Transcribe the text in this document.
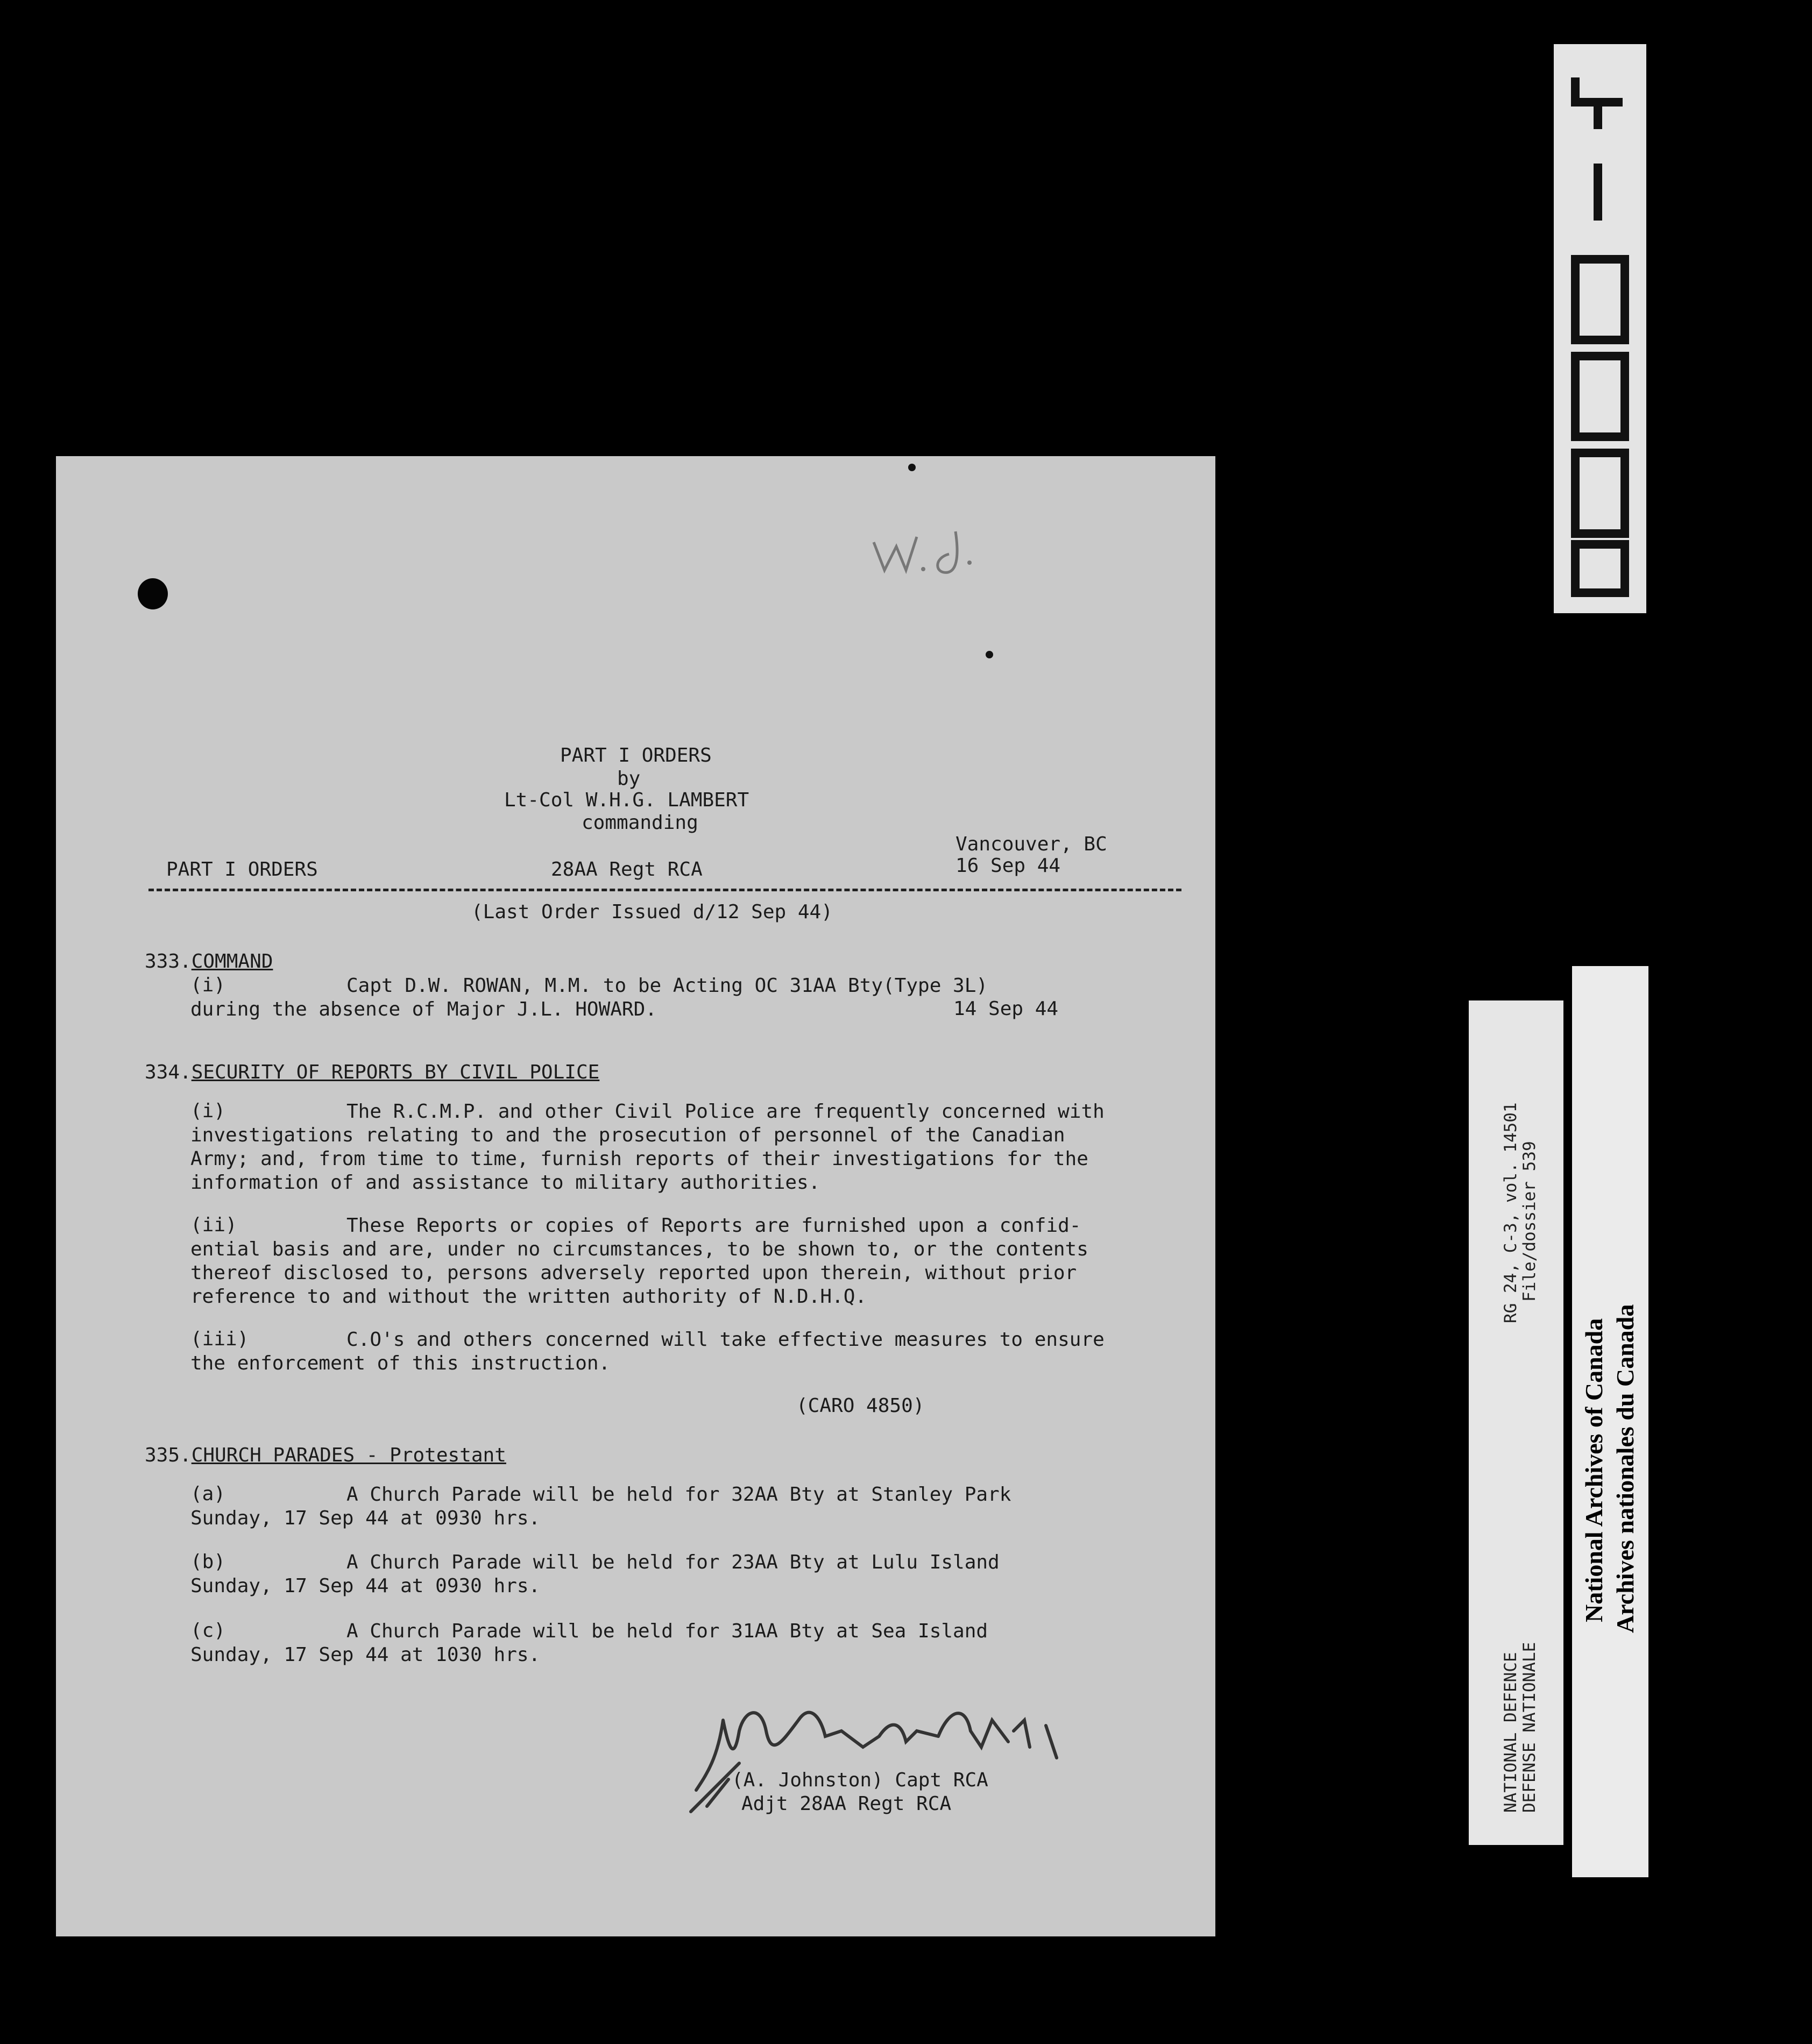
RG 24, C-3, vol. 14501 File/dossier 539
NATIONAL DEFENCE DEFENSE NATIONALE
National Archives of Canada Archives nationales du Canada
PART I ORDERS
by
Lt-Col W.H.G. LAMBERT
commanding
Vancouver, BC
PART I ORDERS	28AA Regt RCA	16 Sep 44
(Last Order Issued d/12 Sep 44)
333.COMMAND
(i)	Capt D.W. ROWAN, M.M. to be Acting OC 31AA Bty(Type 3L)
during the absence of Major J.L. HOWARD.	14 Sep 44
334.SECURITY OF REPORTS BY CIVIL POLICE
(i)	The R.C.M.P. and other Civil Police are frequently concerned with
investigations relating to and the prosecution of personnel of the Canadian
Army; and, from time to time, furnish reports of their investigations for the
information of and assistance to military authorities.
(ii)	These Reports or copies of Reports are furnished upon a confid-
ential basis and are, under no circumstances, to be shown to, or the contents
thereof disclosed to, persons adversely reported upon therein, without prior
reference to and without the written authority of N.D.H.Q.
(iii)	C.O's and others concerned will take effective measures to ensure
the enforcement of this instruction.
(CARO 4850)
335.CHURCH PARADES - Protestant
(a)	A Church Parade will be held for 32AA Bty at Stanley Park
Sunday, 17 Sep 44 at 0930 hrs.
(b)	A Church Parade will be held for 23AA Bty at Lulu Island
Sunday, 17 Sep 44 at 0930 hrs.
(c)	A Church Parade will be held for 31AA Bty at Sea Island
Sunday, 17 Sep 44 at 1030 hrs.
(A. Johnston) Capt RCA
Adjt 28AA Regt RCA
